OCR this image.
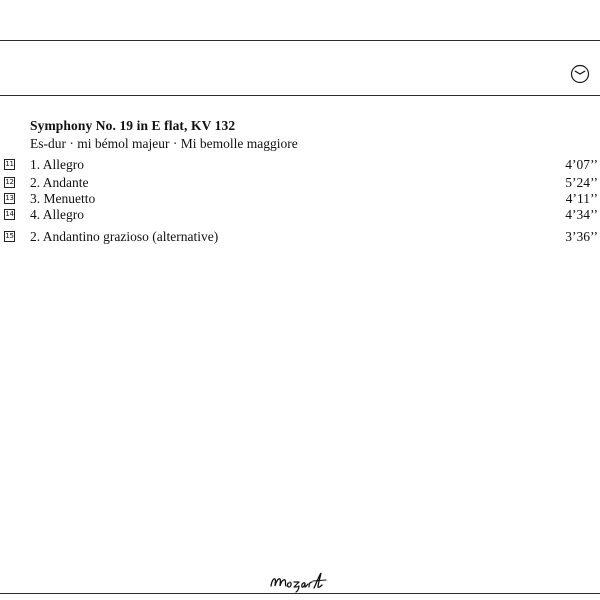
Symphony No. 19 in E flat, KV 132
Es-dur · mi bémol majeur · Mi bemolle maggiore
11 1. Allegro	4’07’’
12 2. Andante	5’24’’
13 3. Menuetto	4’11’’
14 4. Allegro	4’34’’
15 2. Andantino grazioso (alternative)	3’36’’
